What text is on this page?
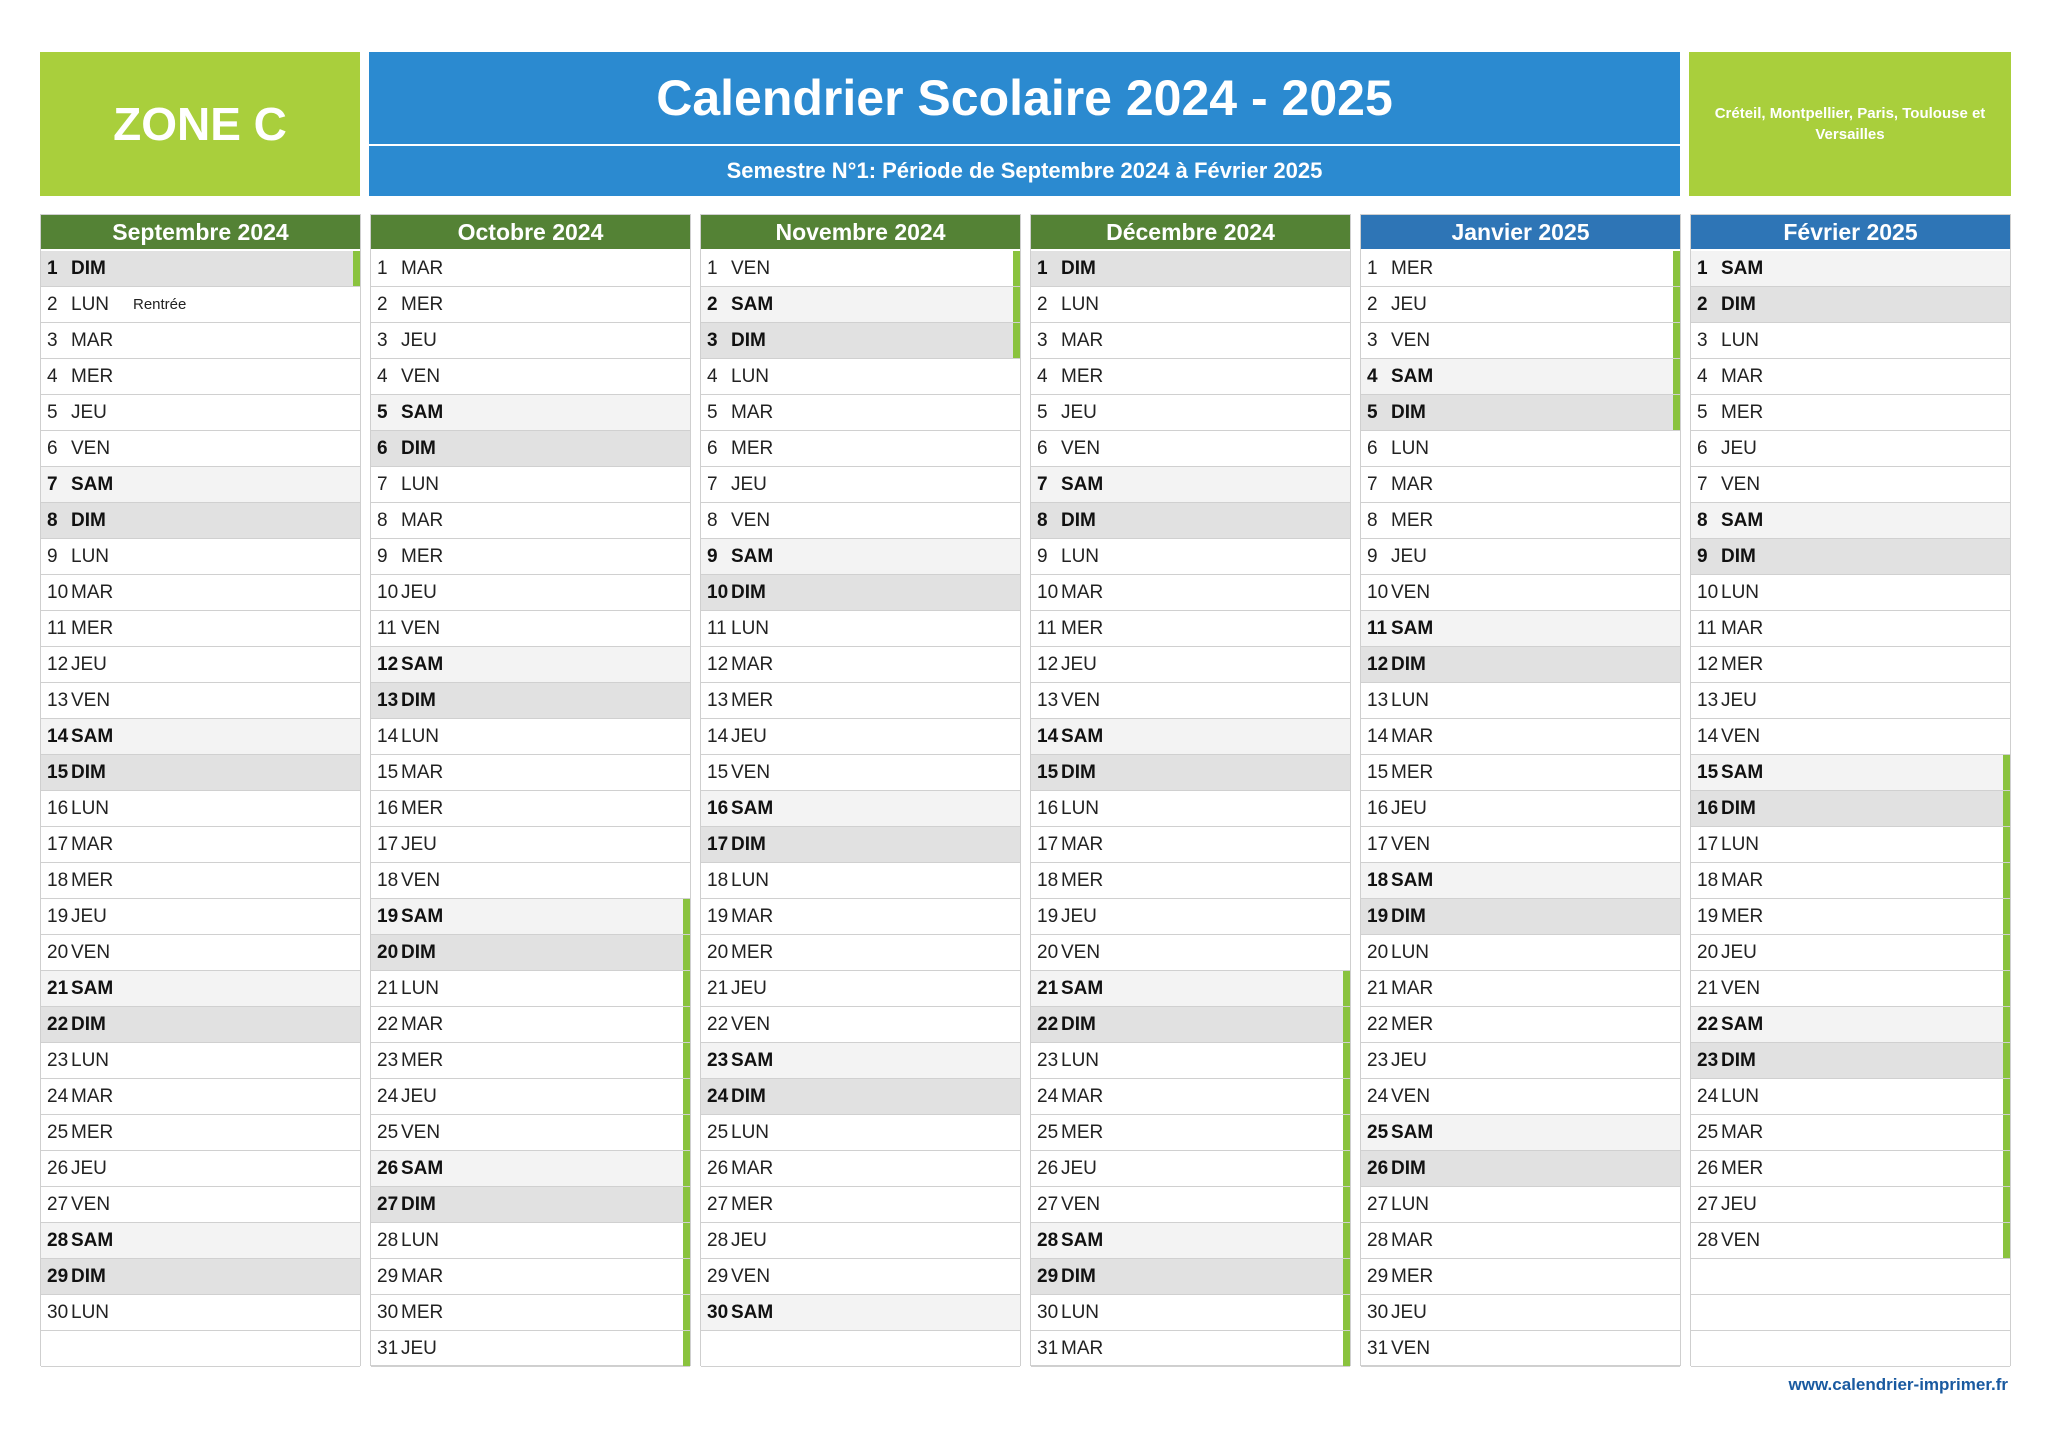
ZONE C	Calendrier Scolaire 2024 - 2025
Semestre N°1: Période de Septembre 2024 à Février 2025
Créteil, Montpellier, Paris, Toulouse et Versailles
Septembre 2024
1 DIM
2 LUN	Rentrée
3 MAR
4 MER
5 JEU
6 VEN
7 SAM
8 DIM
9 LUN
10 MAR
11 MER
12 JEU
13 VEN
14 SAM
15 DIM
16 LUN
17 MAR
18 MER
19 JEU
20 VEN
21 SAM
22 DIM
23 LUN
24 MAR
25 MER
26 JEU
27 VEN
28 SAM
29 DIM
30 LUN
Octobre 2024
1 MAR
2 MER
3 JEU
4 VEN
5 SAM
6 DIM
7 LUN
8 MAR
9 MER
10 JEU
11 VEN
12 SAM
13 DIM
14 LUN
15 MAR
16 MER
17 JEU
18 VEN
19 SAM
20 DIM
21 LUN
22 MAR
23 MER
24 JEU
25 VEN
26 SAM
27 DIM
28 LUN
29 MAR
30 MER
31 JEU
Novembre 2024
1 VEN
2 SAM
3 DIM
4 LUN
5 MAR
6 MER
7 JEU
8 VEN
9 SAM
10 DIM
11 LUN
12 MAR
13 MER
14 JEU
15 VEN
16 SAM
17 DIM
18 LUN
19 MAR
20 MER
21 JEU
22 VEN
23 SAM
24 DIM
25 LUN
26 MAR
27 MER
28 JEU
29 VEN
30 SAM
Décembre 2024
1 DIM
2 LUN
3 MAR
4 MER
5 JEU
6 VEN
7 SAM
8 DIM
9 LUN
10 MAR
11 MER
12 JEU
13 VEN
14 SAM
15 DIM
16 LUN
17 MAR
18 MER
19 JEU
20 VEN
21 SAM
22 DIM
23 LUN
24 MAR
25 MER
26 JEU
27 VEN
28 SAM
29 DIM
30 LUN
31 MAR
Janvier 2025
1 MER
2 JEU
3 VEN
4 SAM
5 DIM
6 LUN
7 MAR
8 MER
9 JEU
10 VEN
11 SAM
12 DIM
13 LUN
14 MAR
15 MER
16 JEU
17 VEN
18 SAM
19 DIM
20 LUN
21 MAR
22 MER
23 JEU
24 VEN
25 SAM
26 DIM
27 LUN
28 MAR
29 MER
30 JEU
31 VEN
Février 2025
1 SAM
2 DIM
3 LUN
4 MAR
5 MER
6 JEU
7 VEN
8 SAM
9 DIM
10 LUN
11 MAR
12 MER
13 JEU
14 VEN
15 SAM
16 DIM
17 LUN
18 MAR
19 MER
20 JEU
21 VEN
22 SAM
23 DIM
24 LUN
25 MAR
26 MER
27 JEU
28 VEN
www.calendrier-imprimer.fr
